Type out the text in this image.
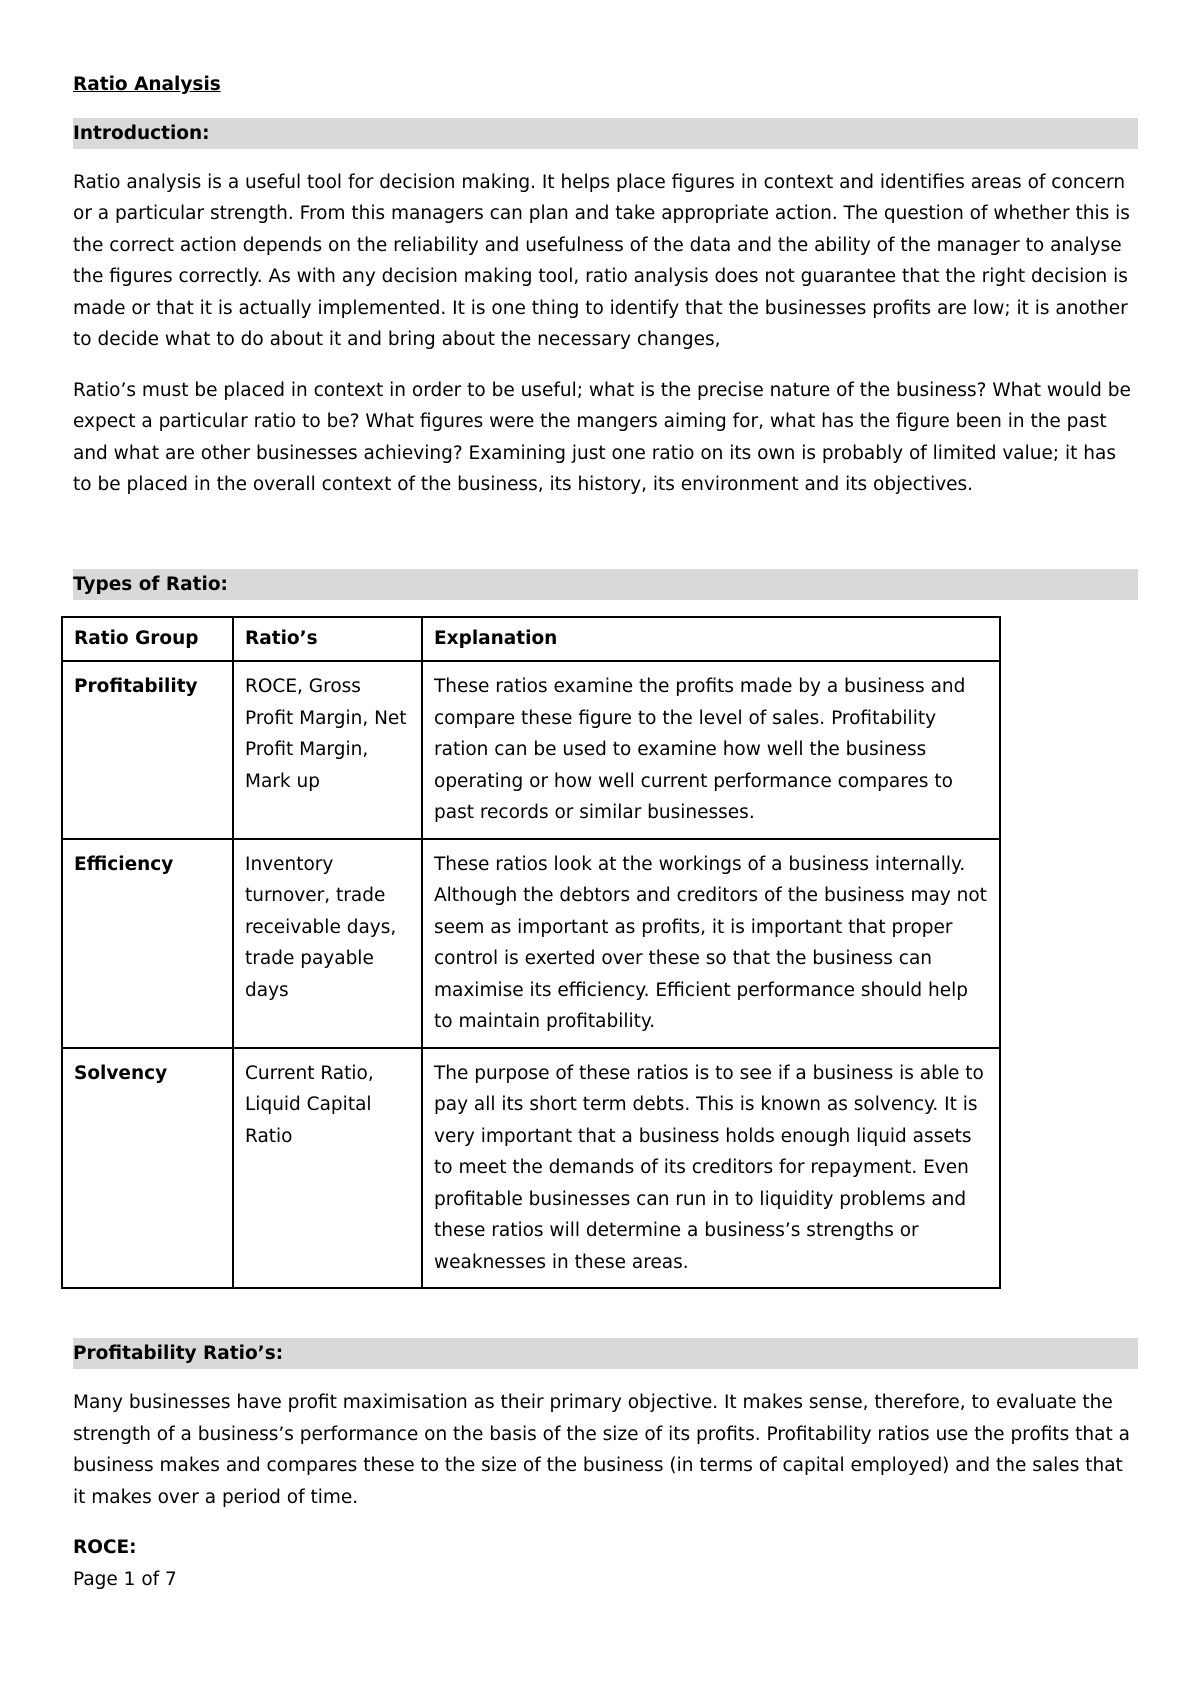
Ratio Analysis
Introduction:

Ratio analysis is a useful tool for decision making. It helps place figures in context and identifies areas of concern or a particular strength. From this managers can plan and take appropriate action. The question of whether this is the correct action depends on the reliability and usefulness of the data and the ability of the manager to analyse the figures correctly. As with any decision making tool, ratio analysis does not guarantee that the right decision is made or that it is actually implemented. It is one thing to identify that the businesses profits are low; it is another to decide what to do about it and bring about the necessary changes,

Ratio’s must be placed in context in order to be useful; what is the precise nature of the business? What would be expect a particular ratio to be? What figures were the mangers aiming for, what has the figure been in the past and what are other businesses achieving? Examining just one ratio on its own is probably of limited value; it has to be placed in the overall context of the business, its history, its environment and its objectives.

Types of Ratio:
Ratio Group	Ratio’s	Explanation
Profitability	ROCE, Gross Profit Margin, Net Profit Margin, Mark up	These ratios examine the profits made by a business and compare these figure to the level of sales. Profitability ration can be used to examine how well the business operating or how well current performance compares to past records or similar businesses.
Efficiency	Inventory turnover, trade receivable days, trade payable days	These ratios look at the workings of a business internally. Although the debtors and creditors of the business may not seem as important as profits, it is important that proper control is exerted over these so that the business can maximise its efficiency. Efficient performance should help to maintain profitability.
Solvency	Current Ratio, Liquid Capital Ratio	The purpose of these ratios is to see if a business is able to pay all its short term debts. This is known as solvency. It is very important that a business holds enough liquid assets to meet the demands of its creditors for repayment. Even profitable businesses can run in to liquidity problems and these ratios will determine a business’s strengths or weaknesses in these areas.
Profitability Ratio’s:

Many businesses have profit maximisation as their primary objective. It makes sense, therefore, to evaluate the strength of a business’s performance on the basis of the size of its profits. Profitability ratios use the profits that a business makes and compares these to the size of the business (in terms of capital employed) and the sales that it makes over a period of time.

ROCE:
Page 1 of 7
